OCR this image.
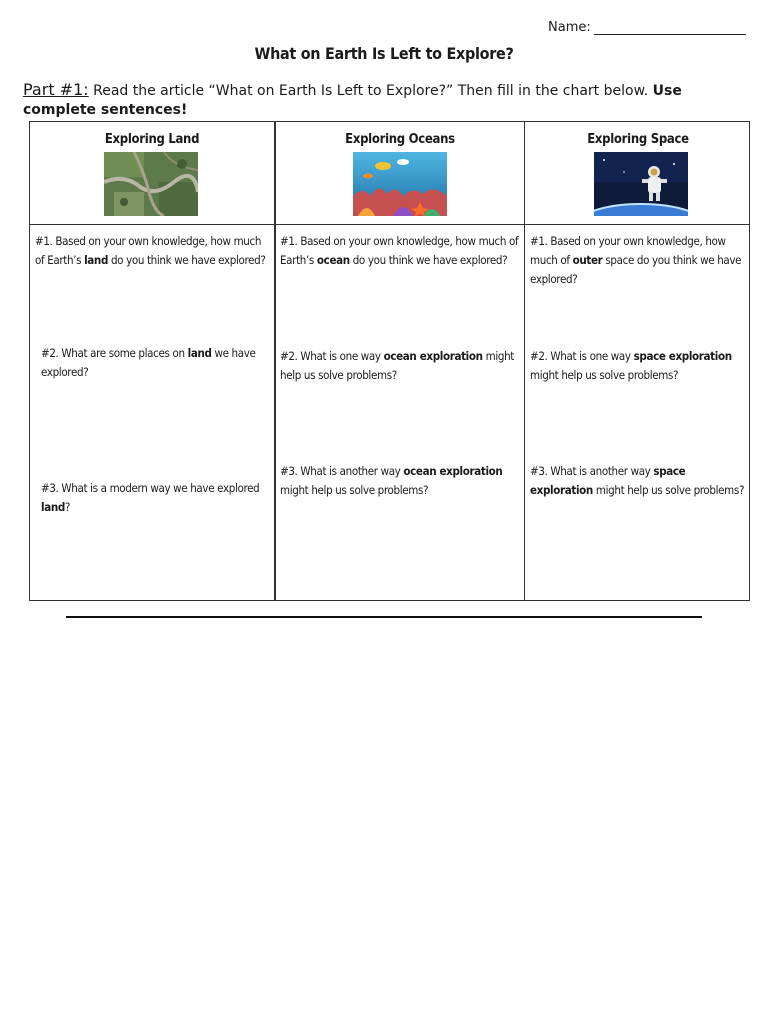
Name:
What on Earth Is Left to Explore?
Part #1: Read the article “What on Earth Is Left to Explore?” Then fill in the chart below. Use complete sentences!
Exploring Land	Exploring Oceans	Exploring Space
#1. Based on your own knowledge, how much of Earth’s land do you think we have explored?
#2. What are some places on land we have explored?
#3. What is a modern way we have explored land?
#1. Based on your own knowledge, how much of Earth’s ocean do you think we have explored?
#2. What is one way ocean exploration might help us solve problems?
#3. What is another way ocean exploration might help us solve problems?
#1. Based on your own knowledge, how much of outer space do you think we have explored?
#2. What is one way space exploration might help us solve problems?
#3. What is another way space exploration might help us solve problems?
